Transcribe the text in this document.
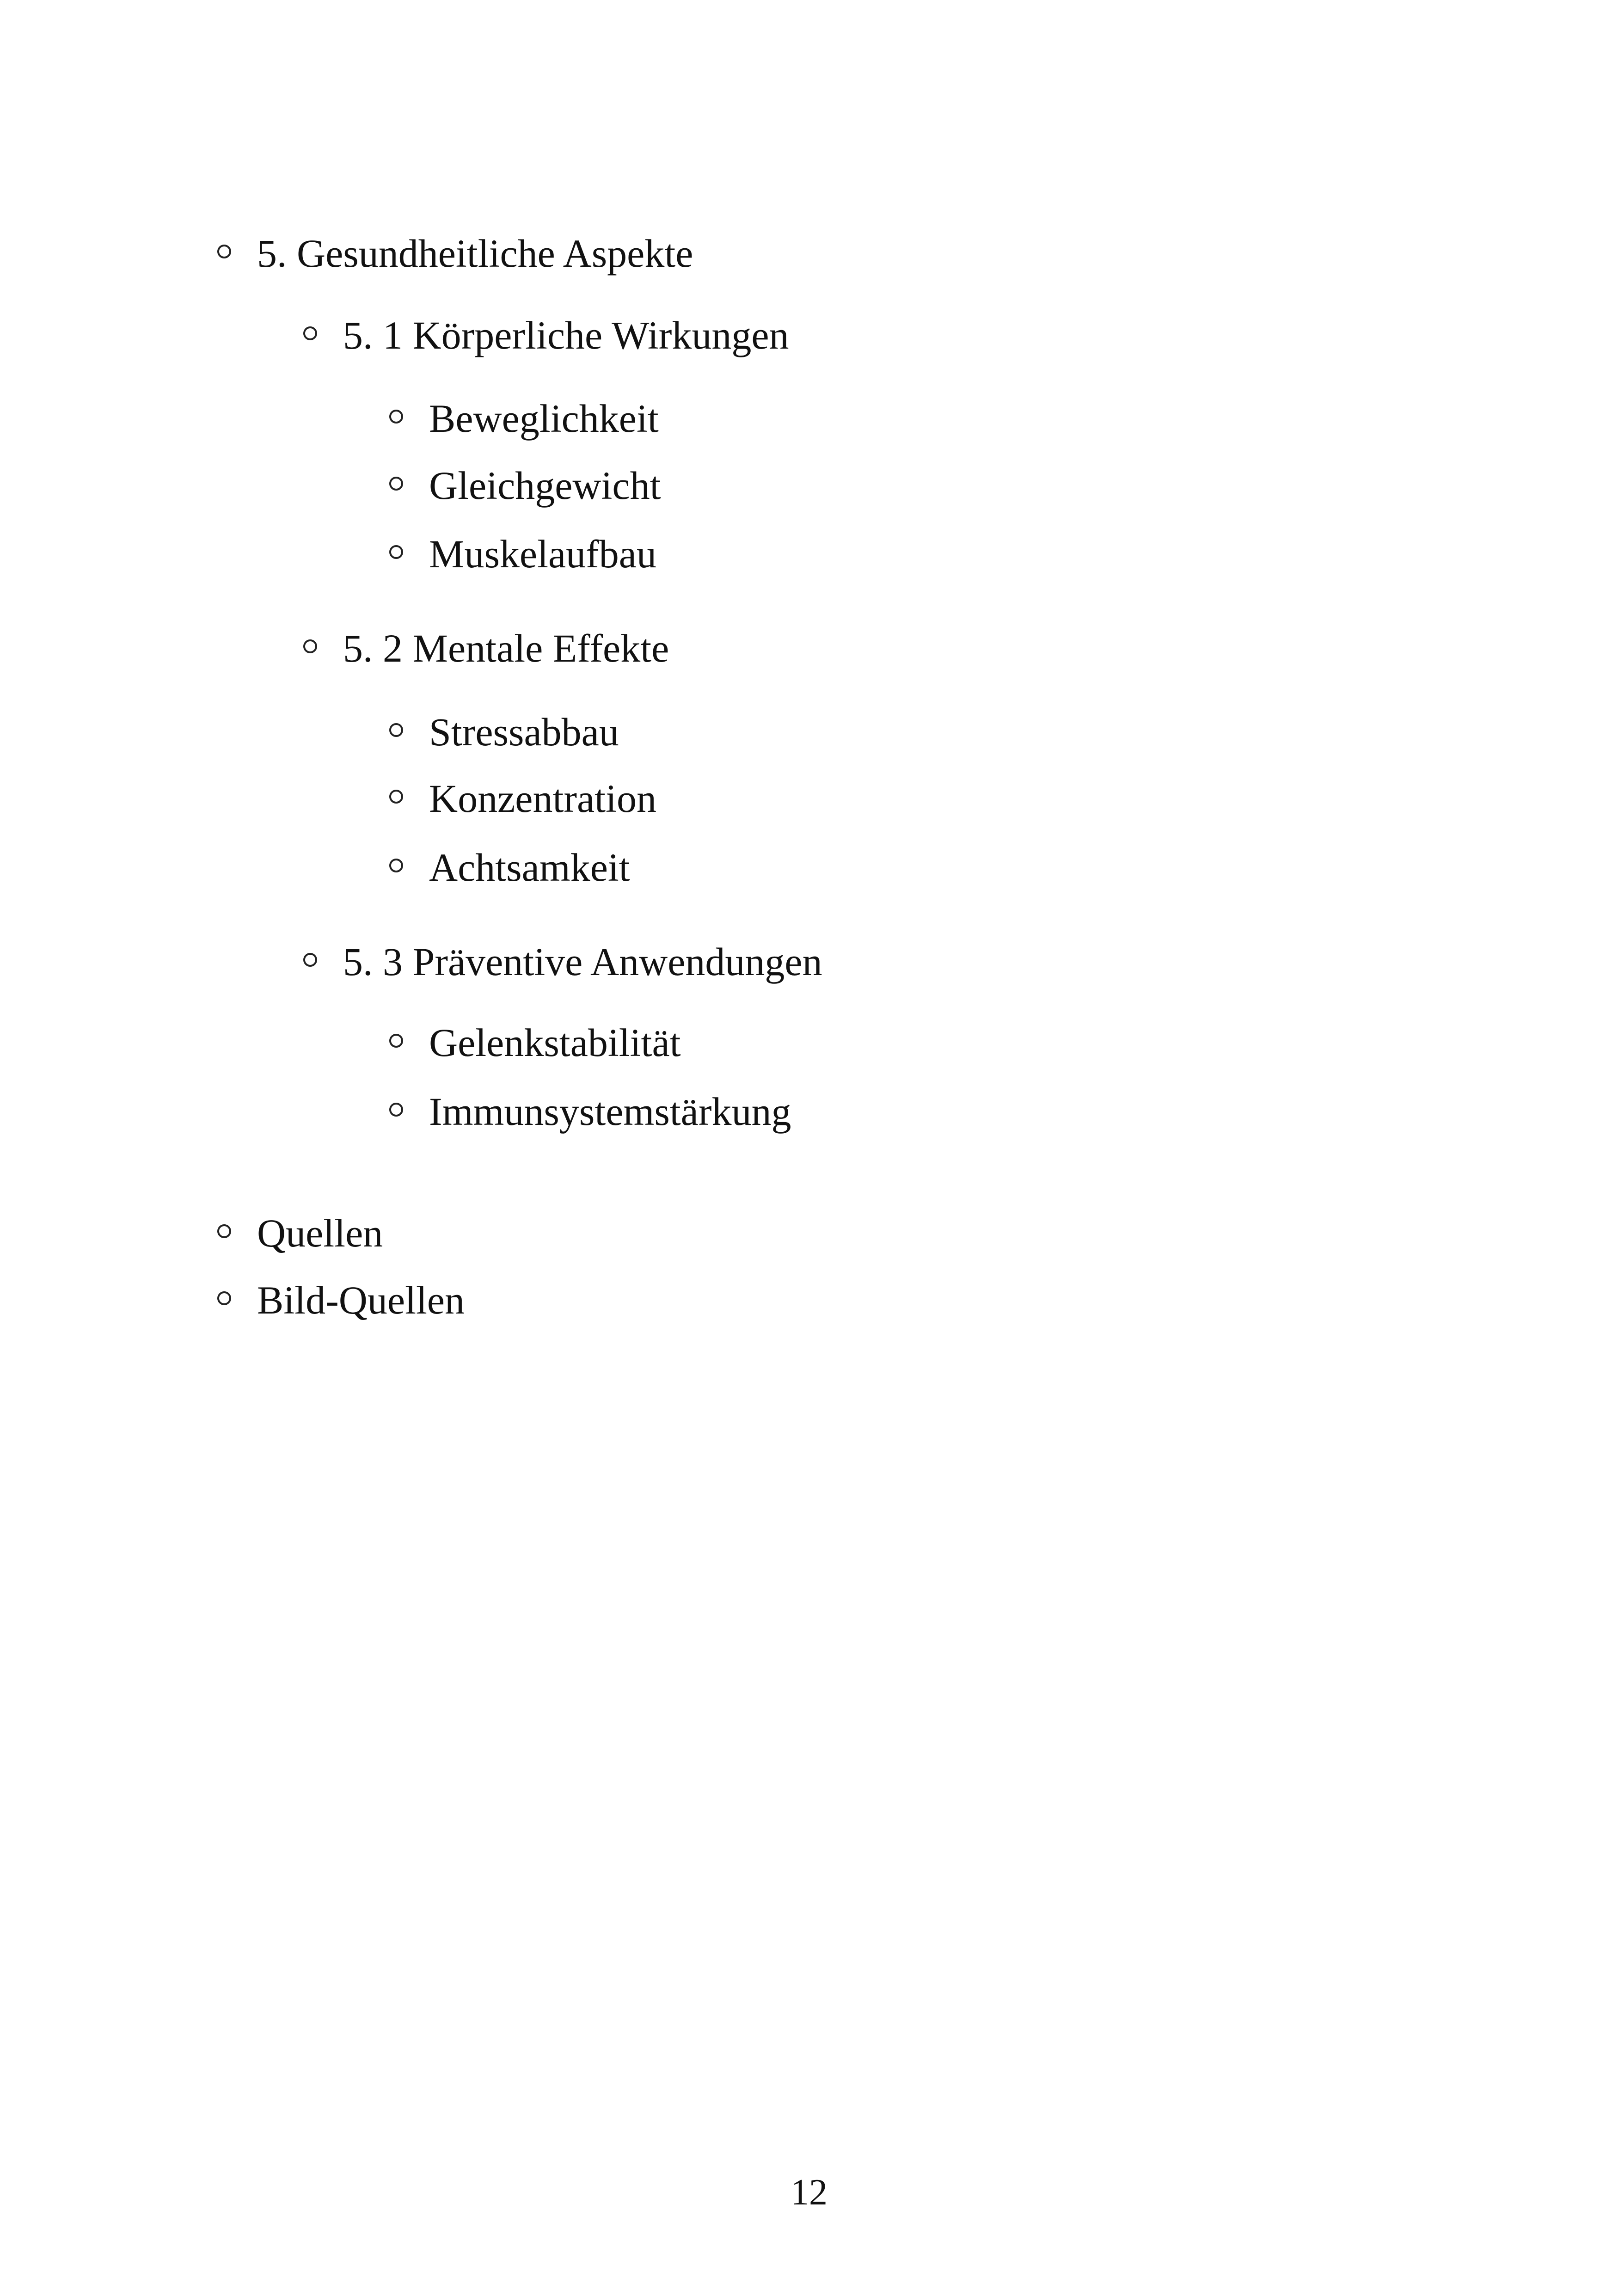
5. Gesundheitliche Aspekte
5. 1 Körperliche Wirkungen
Beweglichkeit
Gleichgewicht
Muskelaufbau
5. 2 Mentale Effekte
Stressabbau
Konzentration
Achtsamkeit
5. 3 Präventive Anwendungen
Gelenkstabilität
Immunsystemstärkung
Quellen
Bild-Quellen
12
